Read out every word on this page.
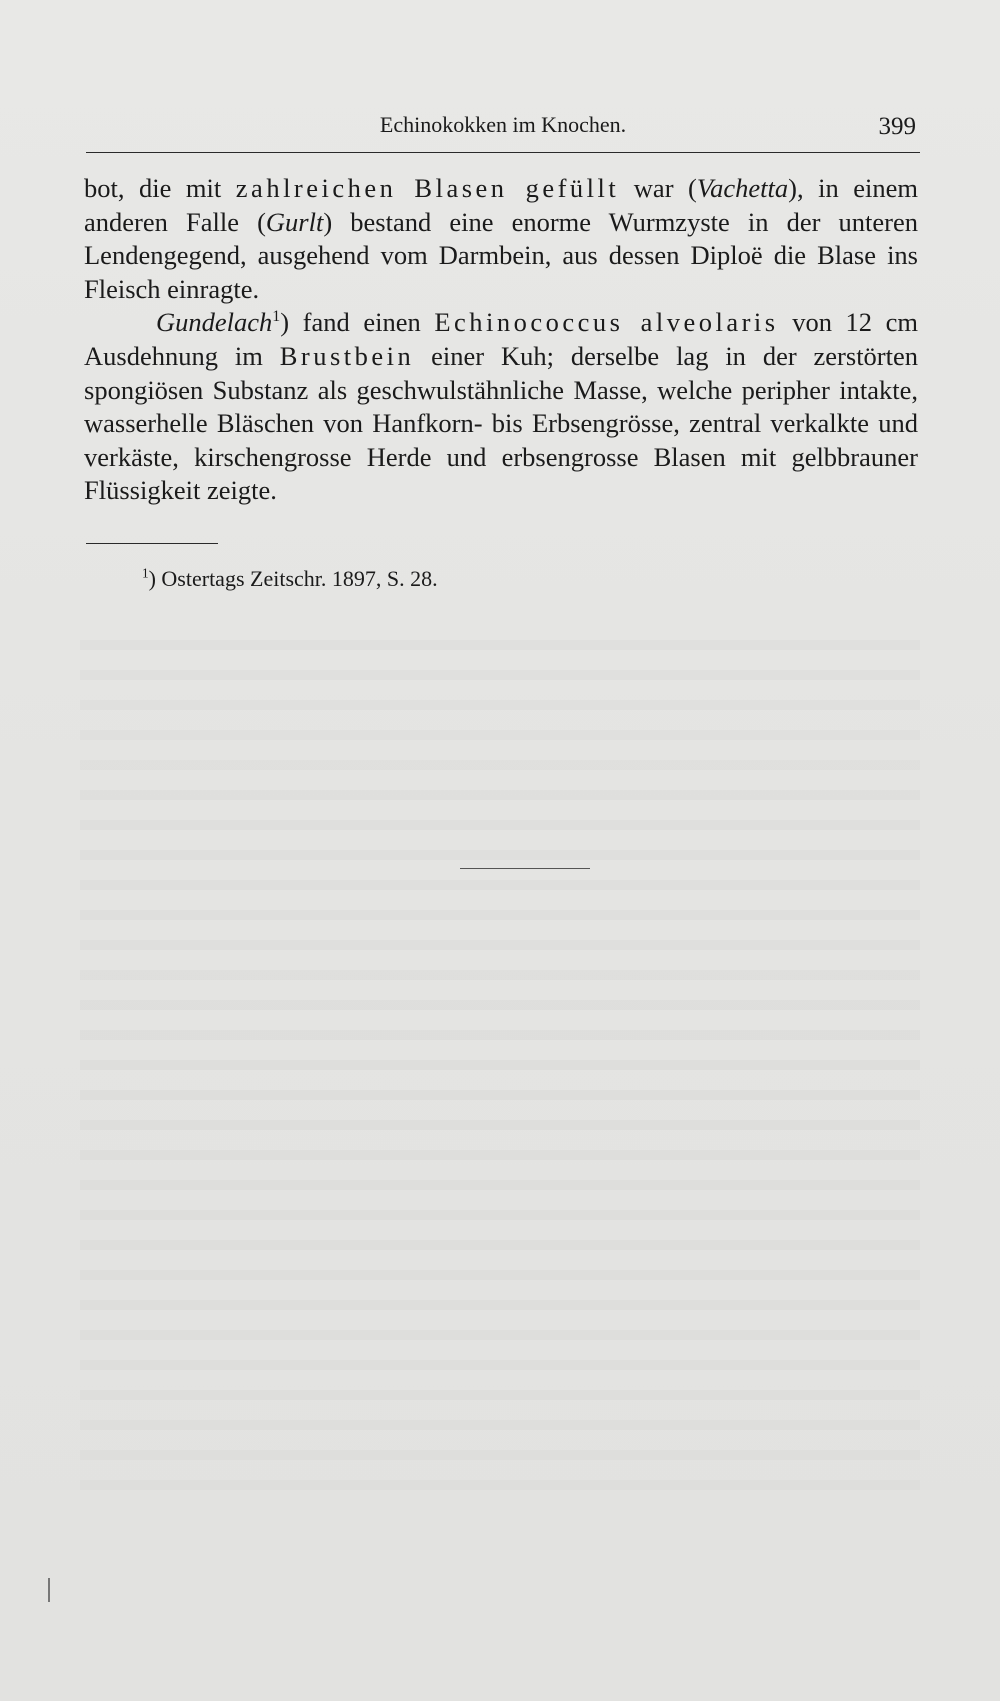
Echinokokken im Knochen.	399

bot, die mit zahlreichen Blasen gefüllt war (Vachetta), in einem anderen Falle (Gurlt) bestand eine enorme Wurmzyste in der unteren Lendengegend, ausgehend vom Darmbein, aus dessen Diploë die Blase ins Fleisch einragte.

Gundelach$^1$) fand einen Echinococcus alveolaris von 12 cm Ausdehnung im Brustbein einer Kuh; derselbe lag in der zerstörten spongiösen Substanz als geschwulstähnliche Masse, welche peripher intakte, wasserhelle Bläschen von Hanfkorn- bis Erbsengrösse, zentral verkalkte und verkäste, kirschengrosse Herde und erbsengrosse Blasen mit gelbbrauner Flüssigkeit zeigte.

$^1$) Ostertags Zeitschr. 1897, S. 28.
